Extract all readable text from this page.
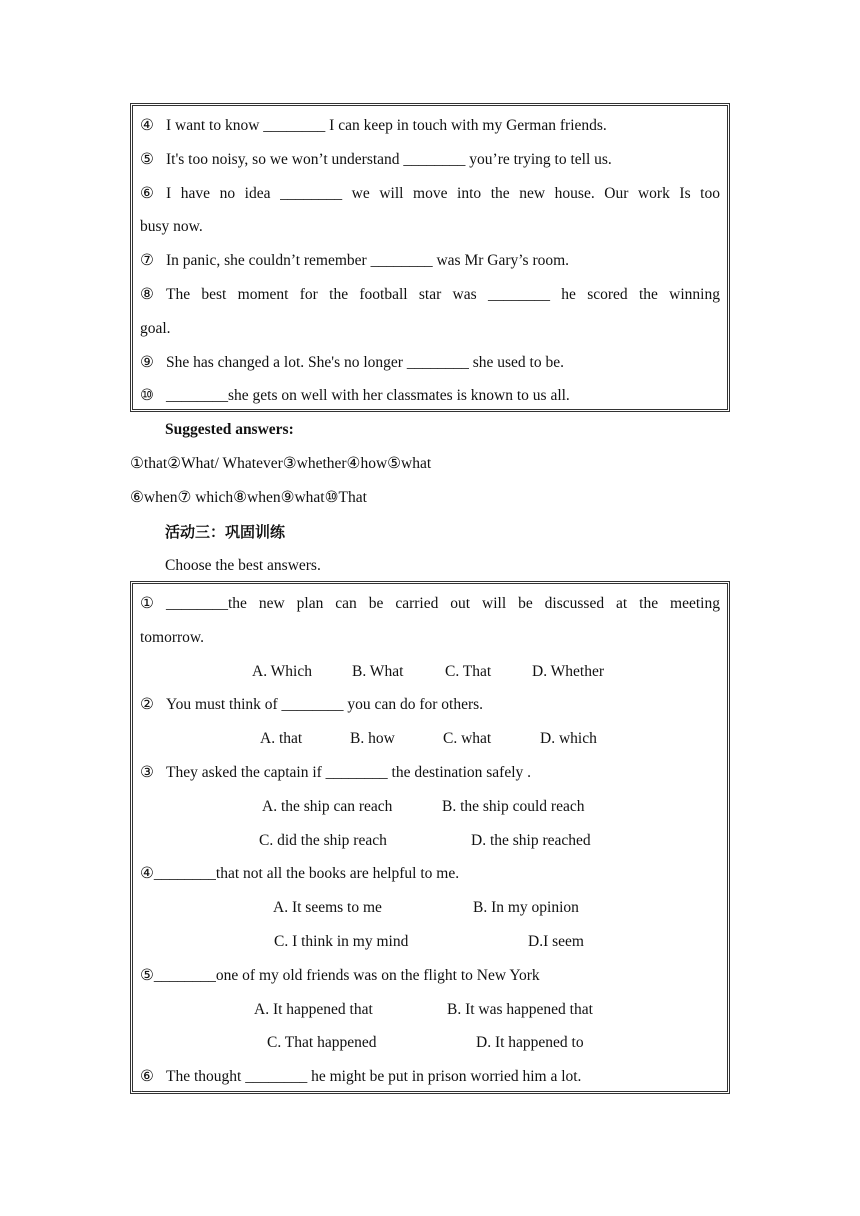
④ I want to know ________ I can keep in touch with my German friends.
⑤ It's too noisy, so we won’t understand ________ you’re trying to tell us.
⑥ I have no idea ________ we will move into the new house. Our work Is too
busy now.
⑦ In panic, she couldn’t remember ________ was Mr Gary’s room.
⑧ The best moment for the football star was ________ he scored the winning
goal.
⑨ She has changed a lot. She's no longer ________ she used to be.
⑩ ________she gets on well with her classmates is known to us all.
Suggested answers:
①that②What/ Whatever③whether④how⑤what
⑥when⑦ which⑧when⑨what⑩That
活动三：巩固训练
Choose the best answers.
① ________the new plan can be carried out will be discussed at the meeting
tomorrow.
A. Which	B. What	C. That	D. Whether
② You must think of ________ you can do for others.
A. that	B. how	C. what	D. which
③ They asked the captain if ________ the destination safely .
A. the ship can reach	B. the ship could reach
C. did the ship reach	D. the ship reached
④________that not all the books are helpful to me.
A. It seems to me	B. In my opinion
C. I think in my mind	D.I seem
⑤________one of my old friends was on the flight to New York
A. It happened that	B. It was happened that
C. That happened	D. It happened to
⑥ The thought ________ he might be put in prison worried him a lot.
